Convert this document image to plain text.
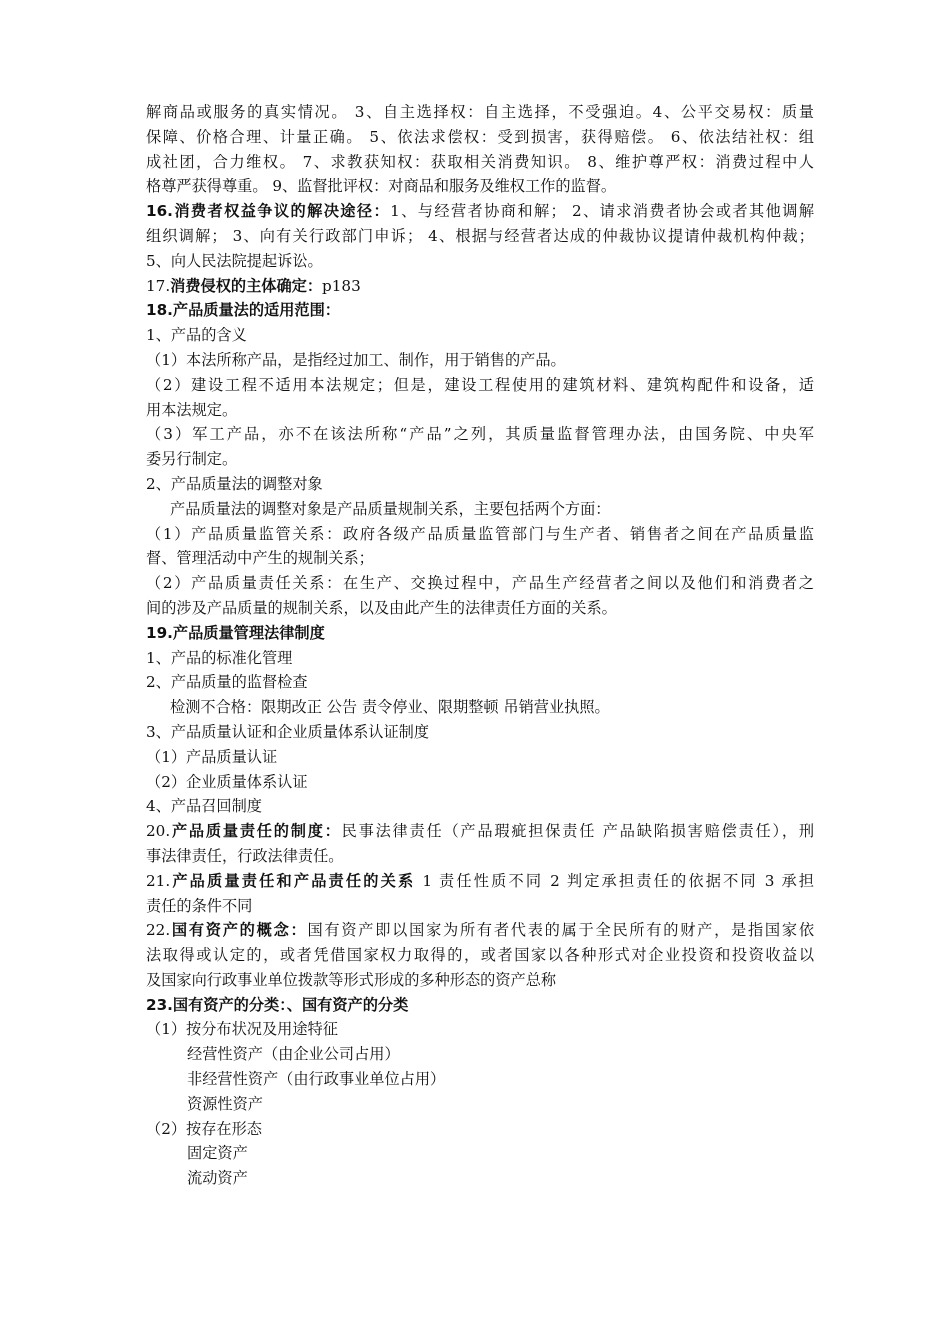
解商品或服务的真实情况。 3、自主选择权：自主选择，不受强迫。4、公平交易权：质量
保障、价格合理、计量正确。 5、依法求偿权：受到损害，获得赔偿。 6、依法结社权：组
成社团，合力维权。 7、求教获知权：获取相关消费知识。 8、维护尊严权：消费过程中人
格尊严获得尊重。 9、监督批评权：对商品和服务及维权工作的监督。
16.消费者权益争议的解决途径：1、与经营者协商和解； 2、请求消费者协会或者其他调解
组织调解； 3、向有关行政部门申诉； 4、根据与经营者达成的仲裁协议提请仲裁机构仲裁；
5、向人民法院提起诉讼。
17.消费侵权的主体确定：p183
18.产品质量法的适用范围：
1、产品的含义
（1）本法所称产品，是指经过加工、制作，用于销售的产品。
（2）建设工程不适用本法规定；但是，建设工程使用的建筑材料、建筑构配件和设备，适
用本法规定。
（3）军工产品，亦不在该法所称“产品”之列，其质量监督管理办法，由国务院、中央军
委另行制定。
2、产品质量法的调整对象
产品质量法的调整对象是产品质量规制关系，主要包括两个方面：
（1）产品质量监管关系：政府各级产品质量监管部门与生产者、销售者之间在产品质量监
督、管理活动中产生的规制关系；
（2）产品质量责任关系：在生产、交换过程中，产品生产经营者之间以及他们和消费者之
间的涉及产品质量的规制关系，以及由此产生的法律责任方面的关系。
19.产品质量管理法律制度
1、产品的标准化管理
2、产品质量的监督检查
检测不合格：限期改正 公告 责令停业、限期整顿 吊销营业执照。
3、产品质量认证和企业质量体系认证制度
（1）产品质量认证
（2）企业质量体系认证
4、产品召回制度
20.产品质量责任的制度：民事法律责任（产品瑕疵担保责任 产品缺陷损害赔偿责任），刑
事法律责任，行政法律责任。
21.产品质量责任和产品责任的关系 1 责任性质不同 2 判定承担责任的依据不同 3 承担
责任的条件不同
22.国有资产的概念：国有资产即以国家为所有者代表的属于全民所有的财产，是指国家依
法取得或认定的，或者凭借国家权力取得的，或者国家以各种形式对企业投资和投资收益以
及国家向行政事业单位拨款等形式形成的多种形态的资产总称
23.国有资产的分类：、国有资产的分类
（1）按分布状况及用途特征
经营性资产（由企业公司占用）
非经营性资产（由行政事业单位占用）
资源性资产
（2）按存在形态
固定资产
流动资产
